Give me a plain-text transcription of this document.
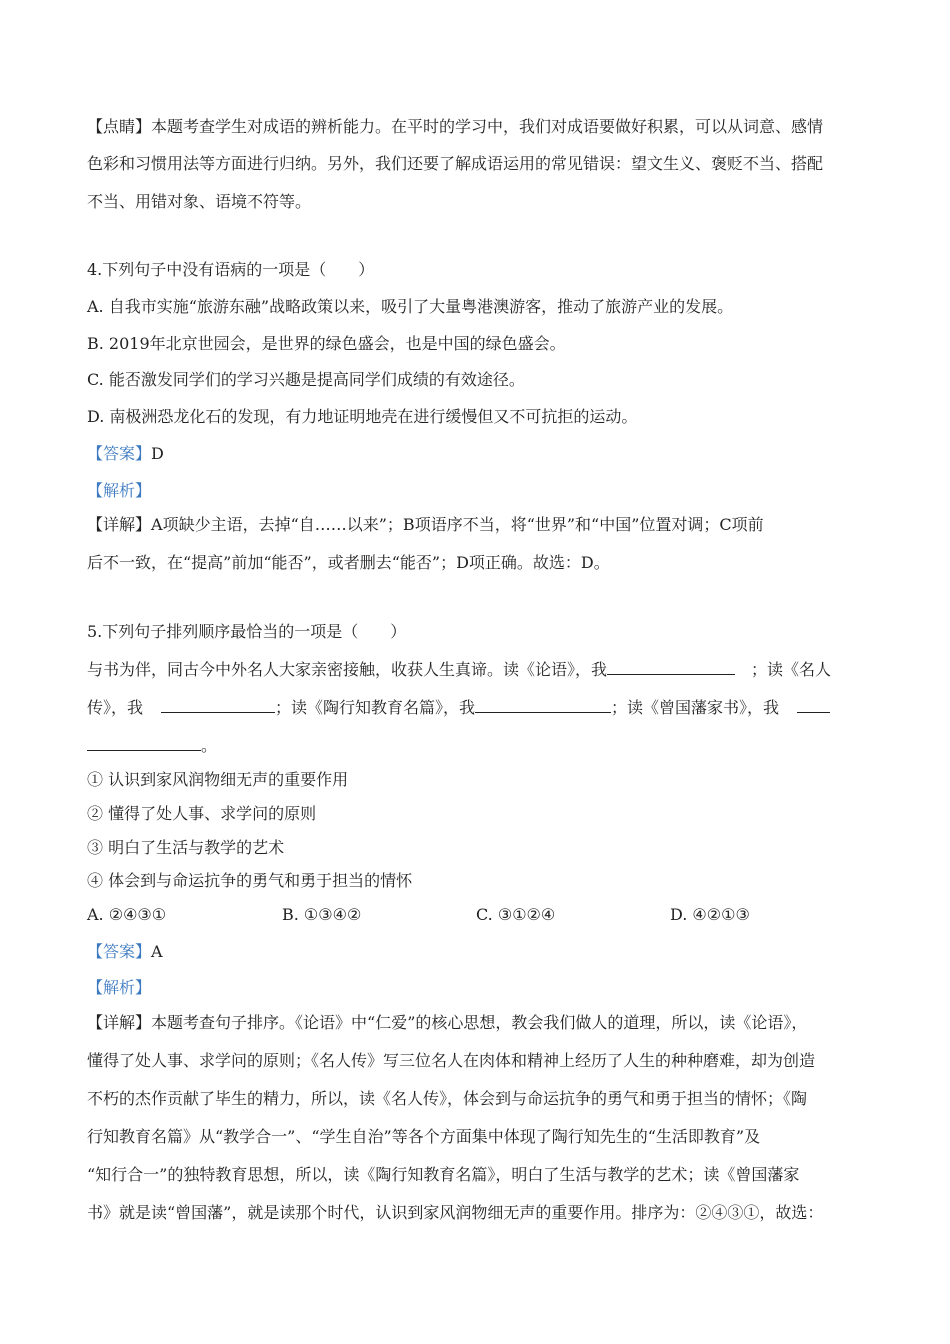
【点睛】本题考查学生对成语的辨析能力。在平时的学习中，我们对成语要做好积累，可以从词意、感情
色彩和习惯用法等方面进行归纳。另外，我们还要了解成语运用的常见错误：望文生义、褒贬不当、搭配
不当、用错对象、语境不符等。
4.下列句子中没有语病的一项是（　　）
A. 自我市实施“旅游东融”战略政策以来，吸引了大量粤港澳游客，推动了旅游产业的发展。
B. 2019年北京世园会，是世界的绿色盛会，也是中国的绿色盛会。
C. 能否激发同学们的学习兴趣是提高同学们成绩的有效途径。
D. 南极洲恐龙化石的发现，有力地证明地壳在进行缓慢但又不可抗拒的运动。
【答案】D
【解析】
【详解】A项缺少主语，去掉“自……以来”；B项语序不当，将“世界”和“中国”位置对调；C项前
后不一致，在“提高”前加“能否”，或者删去“能否”；D项正确。故选：D。
5.下列句子排列顺序最恰当的一项是（　　）
与书为伴，同古今中外名人大家亲密接触，收获人生真谛。读《论语》，我	；读《名人
传》，我	；读《陶行知教育名篇》，我	；读《曾国藩家书》，我
。
① 认识到家风润物细无声的重要作用
② 懂得了处人事、求学问的原则
③ 明白了生活与教学的艺术
④ 体会到与命运抗争的勇气和勇于担当的情怀
A. ②④③①	B. ①③④②	C. ③①②④	D. ④②①③
【答案】A
【解析】
【详解】本题考查句子排序。《论语》中“仁爱”的核心思想，教会我们做人的道理，所以，读《论语》，
懂得了处人事、求学问的原则；《名人传》写三位名人在肉体和精神上经历了人生的种种磨难，却为创造
不朽的杰作贡献了毕生的精力，所以，读《名人传》，体会到与命运抗争的勇气和勇于担当的情怀；《陶
行知教育名篇》从“教学合一”、“学生自治”等各个方面集中体现了陶行知先生的“生活即教育”及
“知行合一”的独特教育思想，所以，读《陶行知教育名篇》，明白了生活与教学的艺术；读《曾国藩家
书》就是读“曾国藩”，就是读那个时代，认识到家风润物细无声的重要作用。排序为：②④③①，故选：
